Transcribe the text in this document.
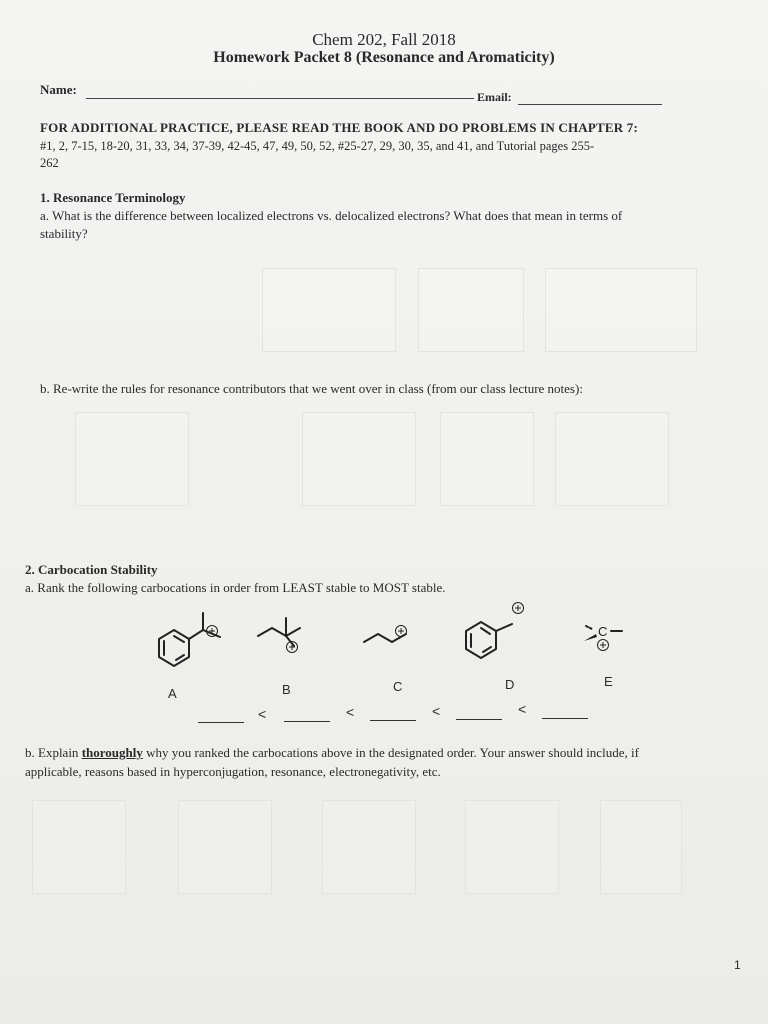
Chem 202, Fall 2018
Homework Packet 8 (Resonance and Aromaticity)
Name:	Email:
FOR ADDITIONAL PRACTICE, PLEASE READ THE BOOK AND DO PROBLEMS IN CHAPTER 7:
#1, 2, 7-15, 18-20, 31, 33, 34, 37-39, 42-45, 47, 49, 50, 52, #25-27, 29, 30, 35, and 41, and Tutorial pages 255-
262
1. Resonance Terminology
a. What is the difference between localized electrons vs. delocalized electrons? What does that mean in terms of
stability?
b. Re-write the rules for resonance contributors that we went over in class (from our class lecture notes):
2. Carbocation Stability
a. Rank the following carbocations in order from LEAST stable to MOST stable.
C
A	B	C	D	E
<	<	<	<
b. Explain thoroughly why you ranked the carbocations above in the designated order. Your answer should include, if
applicable, reasons based in hyperconjugation, resonance, electronegativity, etc.
1
